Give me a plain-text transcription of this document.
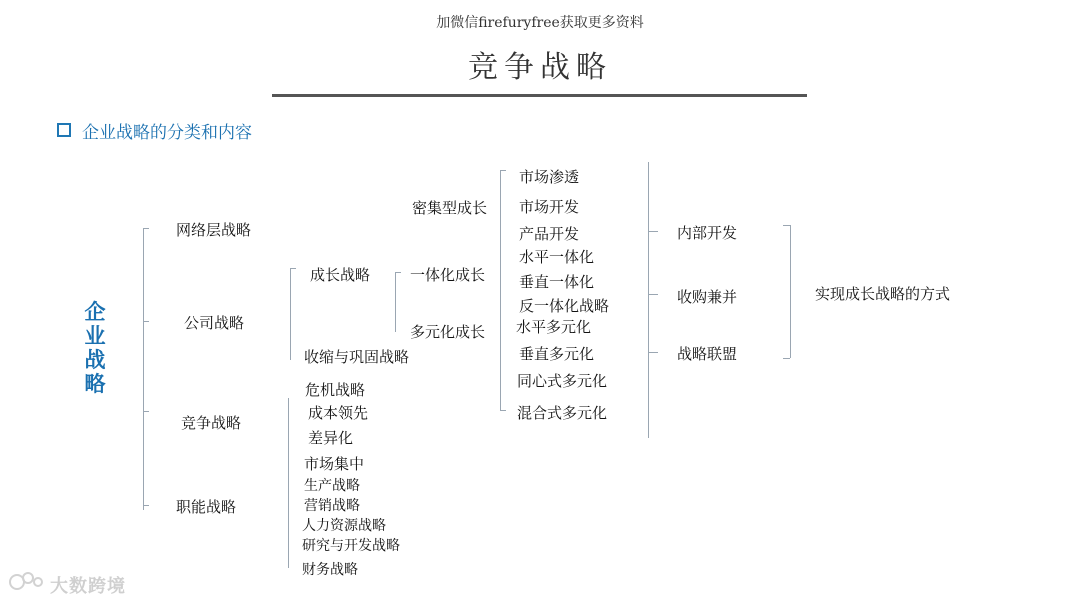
加微信firefuryfree获取更多资料
竞争战略
企业战略的分类和内容
企业战略
网络层战略
公司战略
竞争战略
职能战略
成长战略
收缩与巩固战略
危机战略
成本领先
差异化
市场集中
生产战略
营销战略
人力资源战略
研究与开发战略
财务战略
密集型成长
一体化成长
多元化成长
市场渗透
市场开发
产品开发
水平一体化
垂直一体化
反一体化战略
水平多元化
垂直多元化
同心式多元化
混合式多元化
内部开发
收购兼并
战略联盟
实现成长战略的方式
大数跨境
